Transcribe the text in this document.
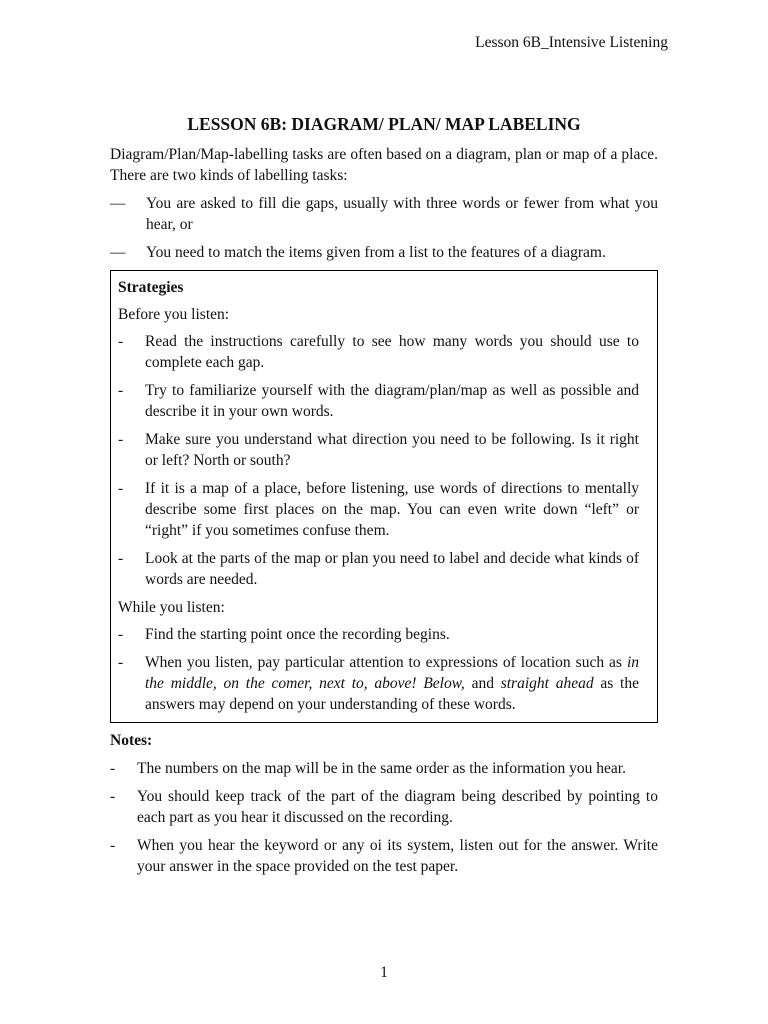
Lesson 6B_Intensive Listening
LESSON 6B: DIAGRAM/ PLAN/ MAP LABELING

Diagram/Plan/Map-labelling tasks are often based on a diagram, plan or map of a place. There are two kinds of labelling tasks:

— You are asked to fill die gaps, usually with three words or fewer from what you hear, or
— You need to match the items given from a list to the features of a diagram.
Strategies
Before you listen:
- Read the instructions carefully to see how many words you should use to complete each gap.
- Try to familiarize yourself with the diagram/plan/map as well as possible and describe it in your own words.
- Make sure you understand what direction you need to be following. Is it right or left? North or south?
- If it is a map of a place, before listening, use words of directions to mentally describe some first places on the map. You can even write down “left” or “right” if you sometimes confuse them.
- Look at the parts of the map or plan you need to label and decide what kinds of words are needed.
While you listen:
- Find the starting point once the recording begins.
- When you listen, pay particular attention to expressions of location such as in the middle, on the comer, next to, above! Below, and straight ahead as the answers may depend on your understanding of these words.
Notes:
- The numbers on the map will be in the same order as the information you hear.
- You should keep track of the part of the diagram being described by pointing to each part as you hear it discussed on the recording.
- When you hear the keyword or any oi its system, listen out for the answer. Write your answer in the space provided on the test paper.
1
